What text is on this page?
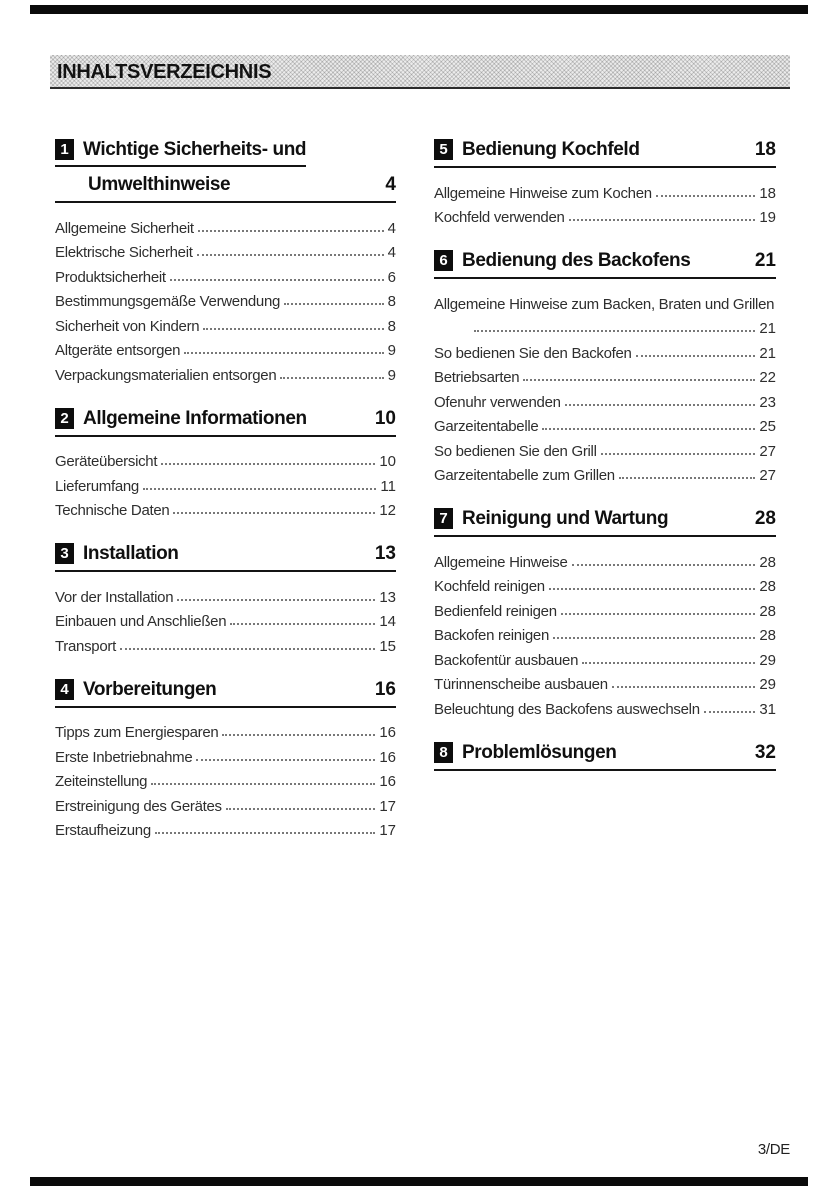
INHALTSVERZEICHNIS
1 Wichtige Sicherheits- und
Umwelthinweise	4
Allgemeine Sicherheit	4
Elektrische Sicherheit	4
Produktsicherheit	6
Bestimmungsgemäße Verwendung	8
Sicherheit von Kindern	8
Altgeräte entsorgen	9
Verpackungsmaterialien entsorgen	9
2 Allgemeine Informationen	10
Geräteübersicht	10
Lieferumfang	11
Technische Daten	12
3 Installation	13
Vor der Installation	13
Einbauen und Anschließen	14
Transport	15
4 Vorbereitungen	16
Tipps zum Energiesparen	16
Erste Inbetriebnahme	16
Zeiteinstellung	16
Erstreinigung des Gerätes	17
Erstaufheizung	17
5 Bedienung Kochfeld	18
Allgemeine Hinweise zum Kochen	18
Kochfeld verwenden	19
6 Bedienung des Backofens	21
Allgemeine Hinweise zum Backen, Braten und Grillen
21
So bedienen Sie den Backofen	21
Betriebsarten	22
Ofenuhr verwenden	23
Garzeitentabelle	25
So bedienen Sie den Grill	27
Garzeitentabelle zum Grillen	27
7 Reinigung und Wartung	28
Allgemeine Hinweise	28
Kochfeld reinigen	28
Bedienfeld reinigen	28
Backofen reinigen	28
Backofentür ausbauen	29
Türinnenscheibe ausbauen	29
Beleuchtung des Backofens auswechseln	31
8 Problemlösungen	32
3/DE
